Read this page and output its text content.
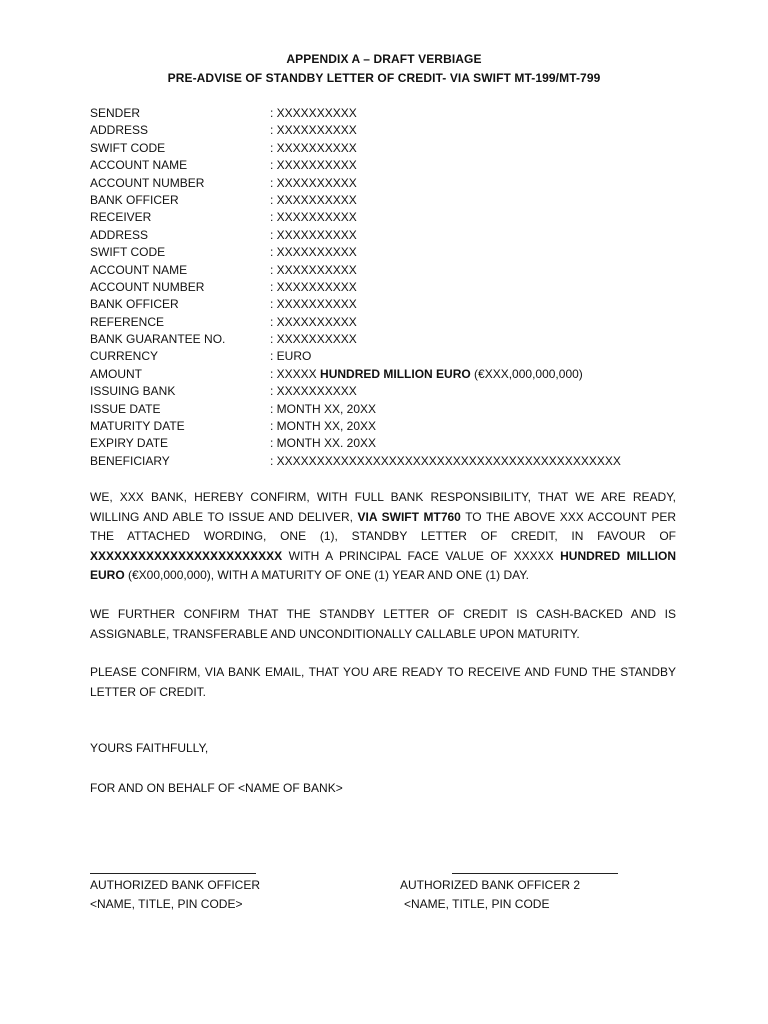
APPENDIX A – DRAFT VERBIAGE
PRE-ADVISE OF STANDBY LETTER OF CREDIT- VIA SWIFT MT-199/MT-799
SENDER	: XXXXXXXXXX
ADDRESS	: XXXXXXXXXX
SWIFT CODE	: XXXXXXXXXX
ACCOUNT NAME	: XXXXXXXXXX
ACCOUNT NUMBER	: XXXXXXXXXX
BANK OFFICER	: XXXXXXXXXX
RECEIVER	: XXXXXXXXXX
ADDRESS	: XXXXXXXXXX
SWIFT CODE	: XXXXXXXXXX
ACCOUNT NAME	: XXXXXXXXXX
ACCOUNT NUMBER	: XXXXXXXXXX
BANK OFFICER	: XXXXXXXXXX
REFERENCE	: XXXXXXXXXX
BANK GUARANTEE NO.	: XXXXXXXXXX
CURRENCY	: EURO
AMOUNT	: XXXXX HUNDRED MILLION EURO (€XXX,000,000,000)
ISSUING BANK	: XXXXXXXXXX
ISSUE DATE	: MONTH XX, 20XX
MATURITY DATE	: MONTH XX, 20XX
EXPIRY DATE	: MONTH XX. 20XX
BENEFICIARY	: XXXXXXXXXXXXXXXXXXXXXXXXXXXXXXXXXXXXXXXXXXX
WE, XXX BANK, HEREBY CONFIRM, WITH FULL BANK RESPONSIBILITY, THAT WE ARE READY, WILLING AND ABLE TO ISSUE AND DELIVER, VIA SWIFT MT760 TO THE ABOVE XXX ACCOUNT PER THE ATTACHED WORDING, ONE (1), STANDBY LETTER OF CREDIT, IN FAVOUR OF XXXXXXXXXXXXXXXXXXXXXXXX WITH A PRINCIPAL FACE VALUE OF XXXXX HUNDRED MILLION EURO (€X00,000,000), WITH A MATURITY OF ONE (1) YEAR AND ONE (1) DAY.
WE FURTHER CONFIRM THAT THE STANDBY LETTER OF CREDIT IS CASH-BACKED AND IS ASSIGNABLE, TRANSFERABLE AND UNCONDITIONALLY CALLABLE UPON MATURITY.
PLEASE CONFIRM, VIA BANK EMAIL, THAT YOU ARE READY TO RECEIVE AND FUND THE STANDBY LETTER OF CREDIT.
YOURS FAITHFULLY,
FOR AND ON BEHALF OF <NAME OF BANK>
AUTHORIZED BANK OFFICER
<NAME, TITLE, PIN CODE>
AUTHORIZED BANK OFFICER 2
<NAME, TITLE, PIN CODE
